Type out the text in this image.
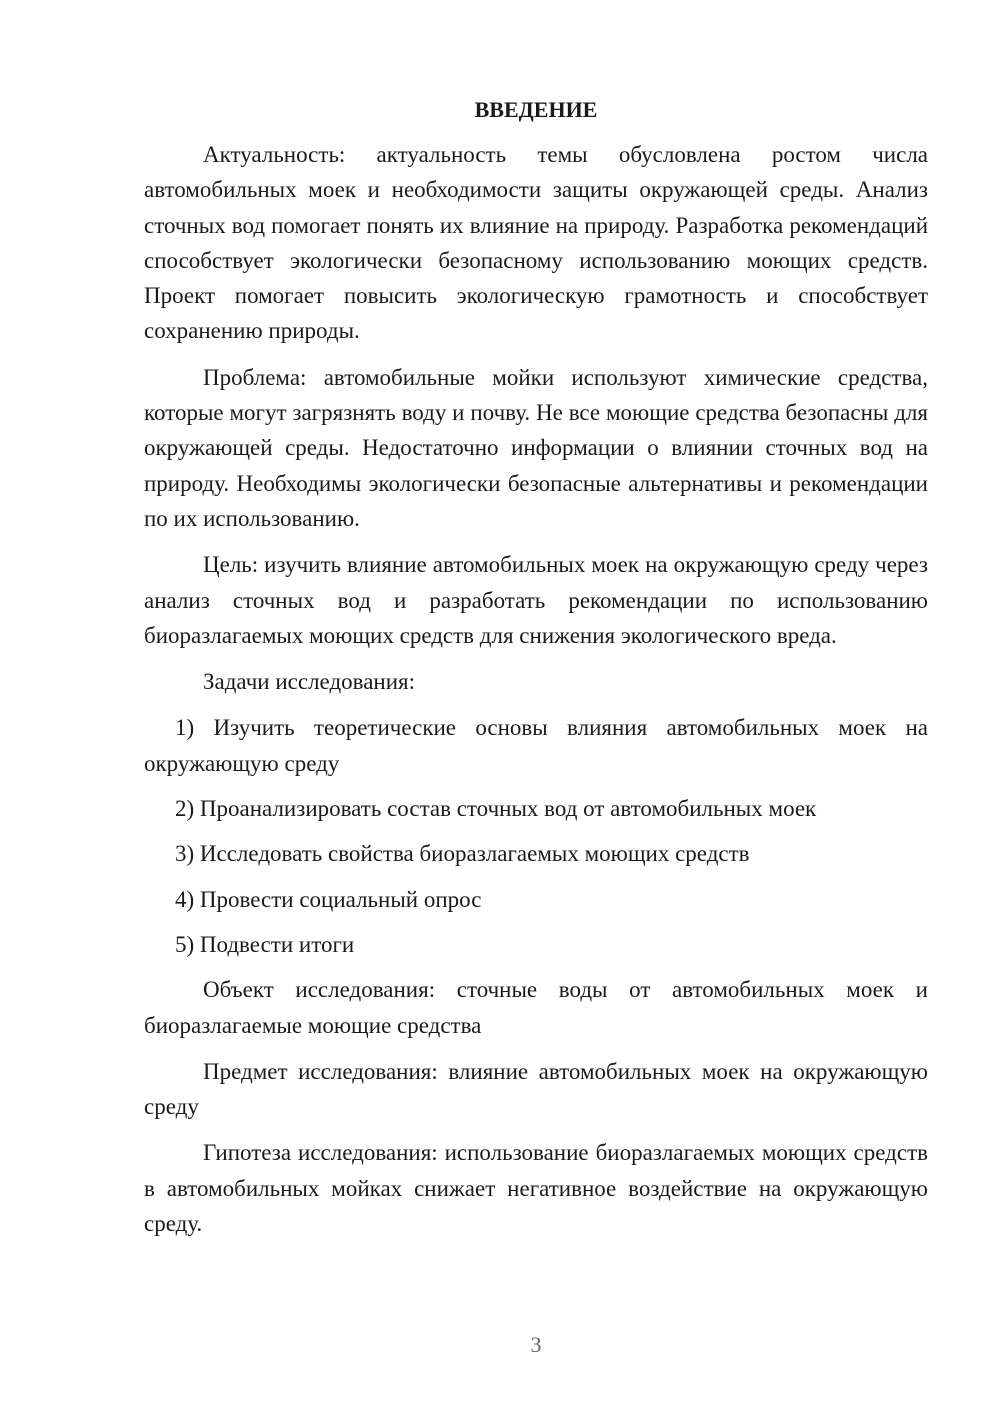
ВВЕДЕНИЕ

Актуальность: актуальность темы обусловлена ростом числа автомобильных моек и необходимости защиты окружающей среды. Анализ сточных вод помогает понять их влияние на природу. Разработка рекомендаций способствует экологически безопасному использованию моющих средств. Проект помогает повысить экологическую грамотность и способствует сохранению природы.

Проблема: автомобильные мойки используют химические средства, которые могут загрязнять воду и почву. Не все моющие средства безопасны для окружающей среды. Недостаточно информации о влиянии сточных вод на природу. Необходимы экологически безопасные альтернативы и рекомендации по их использованию.

Цель: изучить влияние автомобильных моек на окружающую среду через анализ сточных вод и разработать рекомендации по использованию биоразлагаемых моющих средств для снижения экологического вреда.

Задачи исследования:

1) Изучить теоретические основы влияния автомобильных моек на окружающую среду

2) Проанализировать состав сточных вод от автомобильных моек

3) Исследовать свойства биоразлагаемых моющих средств

4) Провести социальный опрос

5) Подвести итоги

Объект исследования: сточные воды от автомобильных моек и биоразлагаемые моющие средства

Предмет исследования: влияние автомобильных моек на окружающую среду

Гипотеза исследования: использование биоразлагаемых моющих средств в автомобильных мойках снижает негативное воздействие на окружающую среду.

3
